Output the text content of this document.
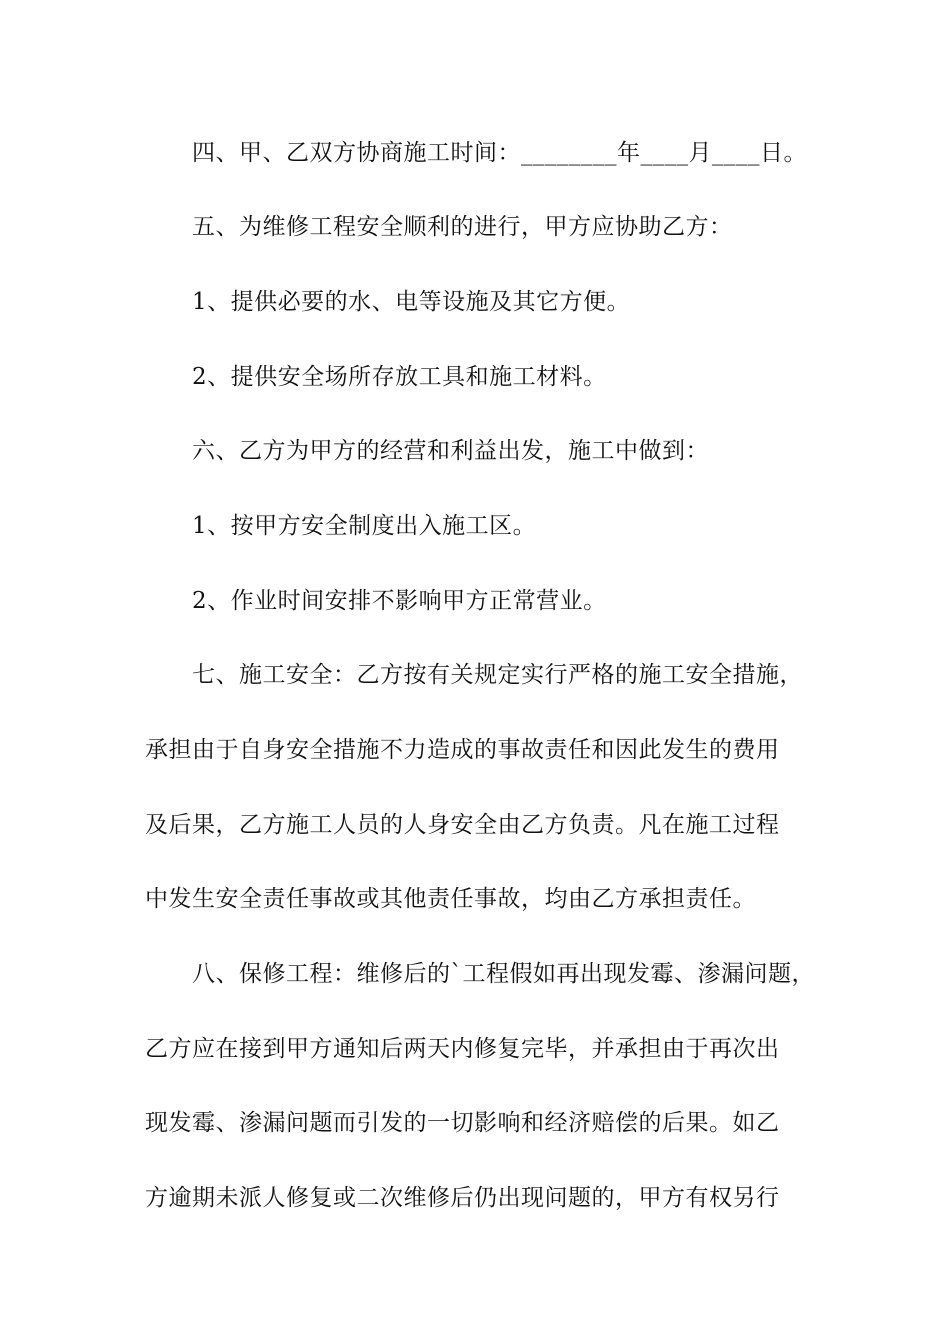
四、甲、乙双方协商施工时间：________年____月____日。
五、为维修工程安全顺利的进行，甲方应协助乙方：
1、提供必要的水、电等设施及其它方便。
2、提供安全场所存放工具和施工材料。
六、乙方为甲方的经营和利益出发，施工中做到：
1、按甲方安全制度出入施工区。
2、作业时间安排不影响甲方正常营业。
七、施工安全：乙方按有关规定实行严格的施工安全措施，
承担由于自身安全措施不力造成的事故责任和因此发生的费用
及后果，乙方施工人员的人身安全由乙方负责。凡在施工过程
中发生安全责任事故或其他责任事故，均由乙方承担责任。
八、保修工程：维修后的`工程假如再出现发霉、渗漏问题，
乙方应在接到甲方通知后两天内修复完毕，并承担由于再次出
现发霉、渗漏问题而引发的一切影响和经济赔偿的后果。如乙
方逾期未派人修复或二次维修后仍出现问题的，甲方有权另行
